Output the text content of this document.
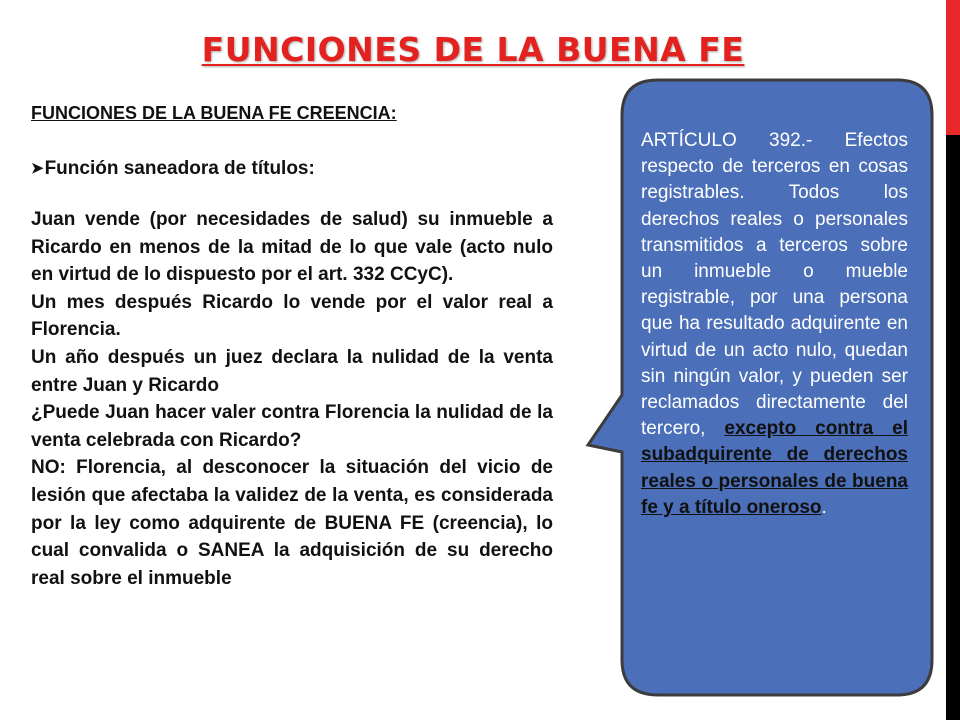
FUNCIONES DE LA BUENA FE
FUNCIONES DE LA BUENA FE CREENCIA:
➤Función saneadora de títulos:

Juan vende (por necesidades de salud) su inmueble a Ricardo en menos de la mitad de lo que vale (acto nulo en virtud de lo dispuesto por el art. 332 CCyC).

Un mes después Ricardo lo vende por el valor real a Florencia.

Un año después un juez declara la nulidad de la venta entre Juan y Ricardo

¿Puede Juan hacer valer contra Florencia la nulidad de la venta celebrada con Ricardo?

NO: Florencia, al desconocer la situación del vicio de lesión que afectaba la validez de la venta, es considerada por la ley como adquirente de BUENA FE (creencia), lo cual convalida o SANEA la adquisición de su derecho real sobre el inmueble

ARTÍCULO 392.- Efectos respecto de terceros en cosas registrables. Todos los derechos reales o personales transmitidos a terceros sobre un inmueble o mueble registrable, por una persona que ha resultado adquirente en virtud de un acto nulo, quedan sin ningún valor, y pueden ser reclamados directamente del tercero, excepto contra el subadquirente de derechos reales o personales de buena fe y a título oneroso.
